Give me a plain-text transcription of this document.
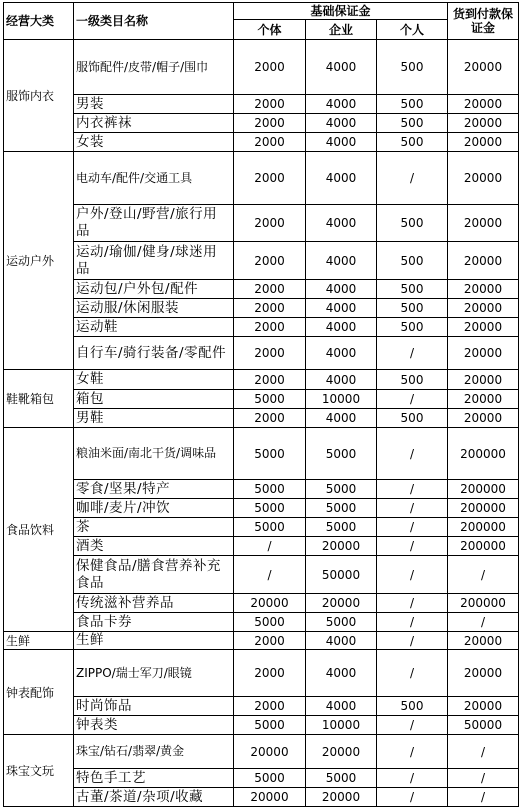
经营大类	一级类目名称	基础保证金			货到付款保证金
		个体	企业	个人	
服饰内衣	服饰配件/皮带/帽子/围巾	2000	4000	500	20000
	男装	2000	4000	500	20000
	内衣裤袜	2000	4000	500	20000
	女装	2000	4000	500	20000
运动户外	电动车/配件/交通工具	2000	4000	/	20000
	户外/登山/野营/旅行用品	2000	4000	500	20000
	运动/瑜伽/健身/球迷用品	2000	4000	500	20000
	运动包/户外包/配件	2000	4000	500	20000
	运动服/休闲服装	2000	4000	500	20000
	运动鞋	2000	4000	500	20000
	自行车/骑行装备/零配件	2000	4000	/	20000
鞋靴箱包	女鞋	2000	4000	500	20000
	箱包	5000	10000	/	20000
	男鞋	2000	4000	500	20000
食品饮料	粮油米面/南北干货/调味品	5000	5000	/	200000
	零食/坚果/特产	5000	5000	/	200000
	咖啡/麦片/冲饮	5000	5000	/	200000
	茶	5000	5000	/	200000
	酒类	/	20000	/	200000
	保健食品/膳食营养补充食品	/	50000	/	/
	传统滋补营养品	20000	20000	/	200000
	食品卡券	5000	5000	/	/
生鲜	生鲜	2000	4000	/	20000
钟表配饰	ZIPPO/瑞士军刀/眼镜	2000	4000	/	20000
	时尚饰品	2000	4000	500	20000
	钟表类	5000	10000	/	50000
珠宝文玩	珠宝/钻石/翡翠/黄金	20000	20000	/	/
	特色手工艺	5000	5000	/	/
	古董/茶道/杂项/收藏	20000	20000	/	/
